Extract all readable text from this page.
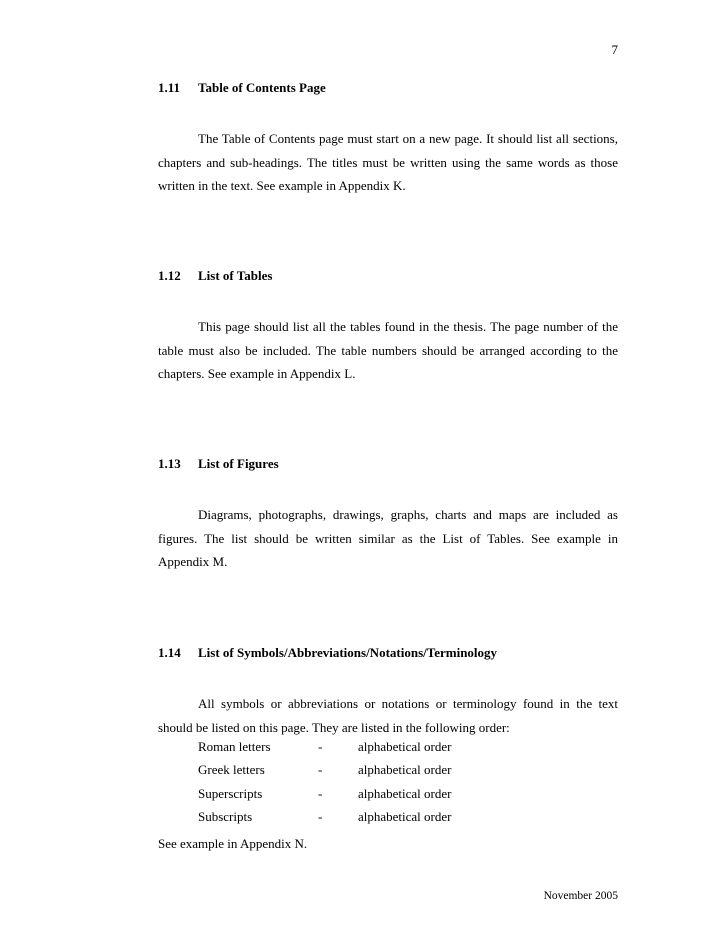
7
1.11 Table of Contents Page

The Table of Contents page must start on a new page. It should list all sections, chapters and sub-headings. The titles must be written using the same words as those written in the text. See example in Appendix K.

1.12 List of Tables

This page should list all the tables found in the thesis. The page number of the table must also be included. The table numbers should be arranged according to the chapters. See example in Appendix L.

1.13 List of Figures

Diagrams, photographs, drawings, graphs, charts and maps are included as figures. The list should be written similar as the List of Tables. See example in Appendix M.

1.14 List of Symbols/Abbreviations/Notations/Terminology

All symbols or abbreviations or notations or terminology found in the text should be listed on this page. They are listed in the following order:

Roman letters	-	alphabetical order
Greek letters	-	alphabetical order
Superscripts	-	alphabetical order
Subscripts	-	alphabetical order
See example in Appendix N.
November 2005
